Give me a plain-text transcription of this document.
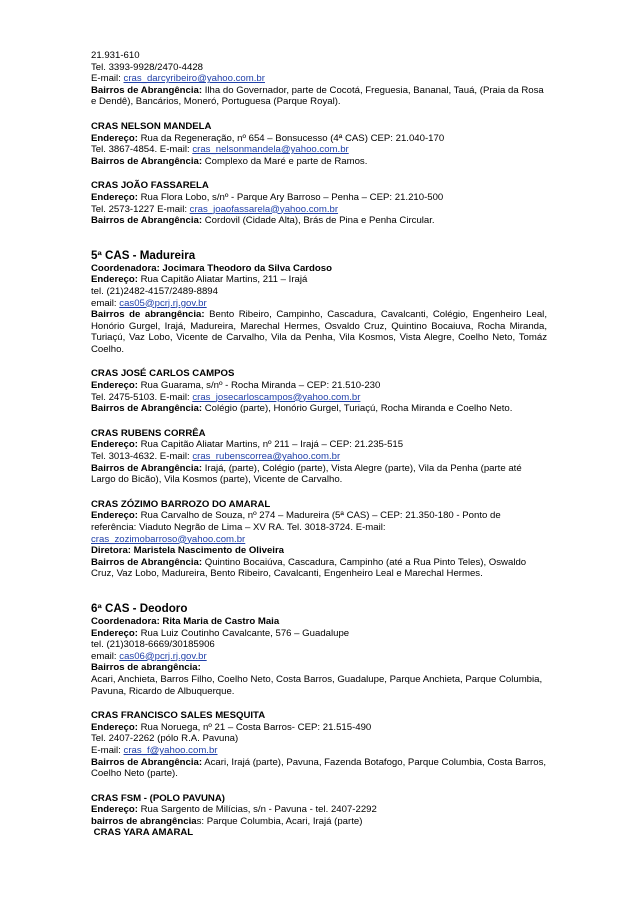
21.931-610

Tel. 3393-9928/2470-4428

E-mail: cras_darcyribeiro@yahoo.com.br

Bairros de Abrangência: Ilha do Governador, parte de Cocotá, Freguesia, Bananal, Tauá, (Praia da Rosa e Dendê), Bancários, Moneró, Portuguesa (Parque Royal).

CRAS NELSON MANDELA

Endereço: Rua da Regeneração, nº 654 – Bonsucesso (4ª CAS) CEP: 21.040-170

Tel. 3867-4854. E-mail: cras_nelsonmandela@yahoo.com.br

Bairros de Abrangência: Complexo da Maré e parte de Ramos.

CRAS JOÃO FASSARELA

Endereço: Rua Flora Lobo, s/nº - Parque Ary Barroso – Penha – CEP: 21.210-500

Tel. 2573-1227 E-mail: cras_joaofassarela@yahoo.com.br

Bairros de Abrangência: Cordovil (Cidade Alta), Brás de Pina e Penha Circular.

5ª CAS - Madureira

Coordenadora: Jocimara Theodoro da Silva Cardoso

Endereço: Rua Capitão Aliatar Martins, 211 – Irajá

tel. (21)2482-4157/2489-8894

email: cas05@pcrj.rj.gov.br

Bairros de abrangência: Bento Ribeiro, Campinho, Cascadura, Cavalcanti, Colégio, Engenheiro Leal, Honório Gurgel, Irajá, Madureira, Marechal Hermes, Osvaldo Cruz, Quintino Bocaiuva, Rocha Miranda, Turiaçú, Vaz Lobo, Vicente de Carvalho, Vila da Penha, Vila Kosmos, Vista Alegre, Coelho Neto, Tomáz Coelho.

CRAS JOSÉ CARLOS CAMPOS

Endereço: Rua Guarama, s/nº - Rocha Miranda – CEP: 21.510-230

Tel. 2475-5103. E-mail: cras_josecarloscampos@yahoo.com.br

Bairros de Abrangência: Colégio (parte), Honório Gurgel, Turiaçú, Rocha Miranda e Coelho Neto.

CRAS RUBENS CORRÊA

Endereço: Rua Capitão Aliatar Martins, nº 211 – Irajá – CEP: 21.235-515

Tel. 3013-4632. E-mail: cras_rubenscorrea@yahoo.com.br

Bairros de Abrangência: Irajá, (parte), Colégio (parte), Vista Alegre (parte), Vila da Penha (parte até Largo do Bicão), Vila Kosmos (parte), Vicente de Carvalho.

CRAS ZÓZIMO BARROZO DO AMARAL

Endereço: Rua Carvalho de Souza, nº 274 – Madureira (5ª CAS) – CEP: 21.350-180 - Ponto de referência: Viaduto Negrão de Lima – XV RA. Tel. 3018-3724. E-mail:

cras_zozimobarroso@yahoo.com.br

Diretora: Maristela Nascimento de Oliveira

Bairros de Abrangência: Quintino Bocaiúva, Cascadura, Campinho (até a Rua Pinto Teles), Oswaldo Cruz, Vaz Lobo, Madureira, Bento Ribeiro, Cavalcanti, Engenheiro Leal e Marechal Hermes.

6ª CAS - Deodoro

Coordenadora: Rita Maria de Castro Maia

Endereço: Rua Luiz Coutinho Cavalcante, 576 – Guadalupe

tel. (21)3018-6669/30185906

email: cas06@pcrj.rj.gov.br

Bairros de abrangência:

Acari, Anchieta, Barros Filho, Coelho Neto, Costa Barros, Guadalupe, Parque Anchieta, Parque Columbia, Pavuna, Ricardo de Albuquerque.

CRAS FRANCISCO SALES MESQUITA

Endereço: Rua Noruega, nº 21 – Costa Barros- CEP: 21.515-490

Tel. 2407-2262 (pólo R.A. Pavuna)

E-mail: cras_f@yahoo.com.br

Bairros de Abrangência: Acari, Irajá (parte), Pavuna, Fazenda Botafogo, Parque Columbia, Costa Barros, Coelho Neto (parte).

CRAS FSM - (POLO PAVUNA)

Endereço: Rua Sargento de Milícias, s/n - Pavuna - tel. 2407-2292

bairros de abrangências: Parque Columbia, Acari, Irajá (parte)

CRAS YARA AMARAL
